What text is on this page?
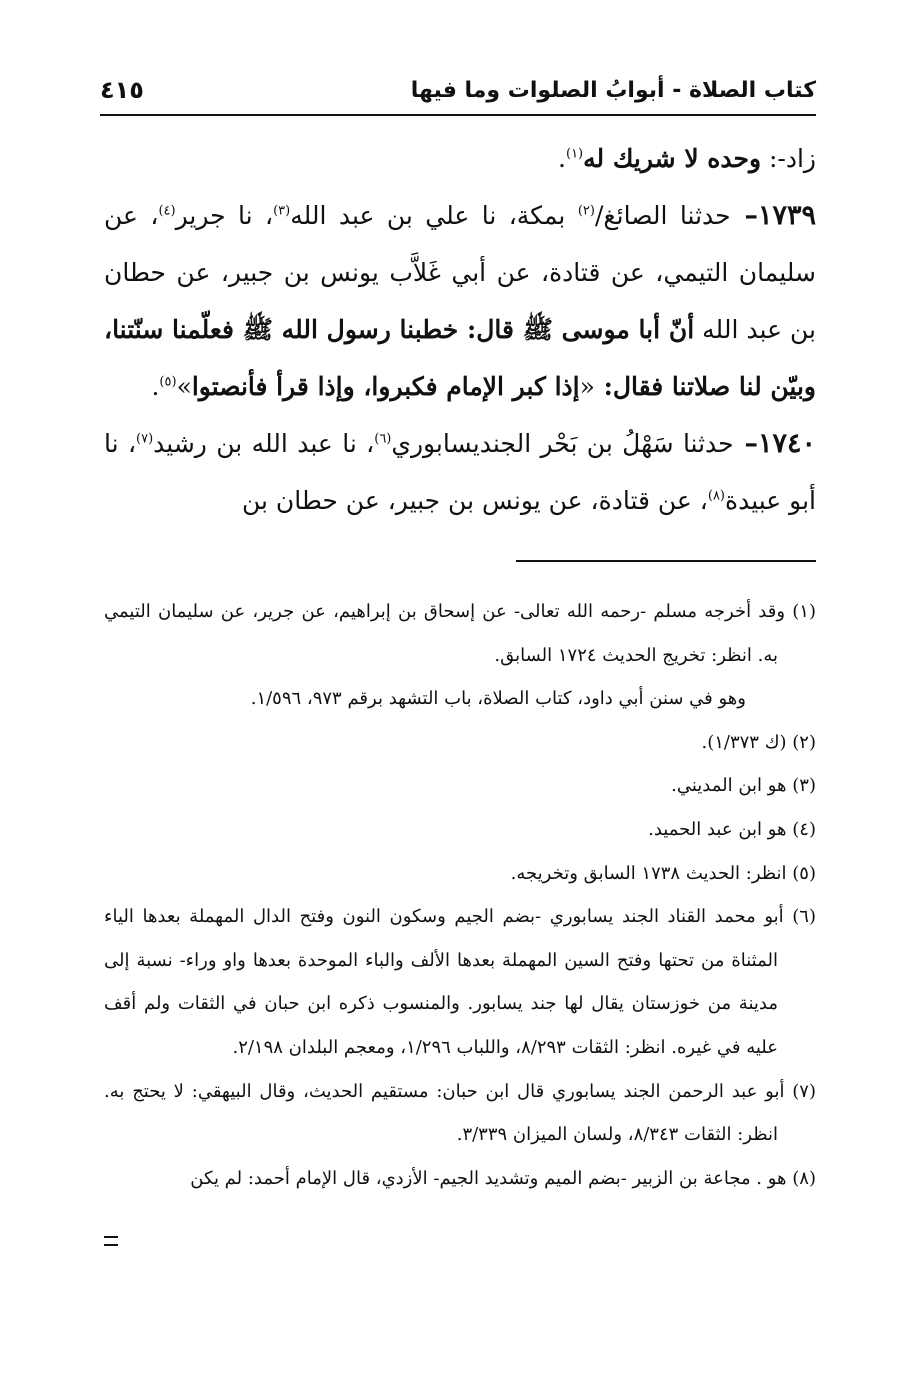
كتاب الصلاة - أبوابُ الصلوات وما فيها
٤١٥

زاد-: وحده لا شريك له$^{(١)}$.

١٧٣٩– حدثنا الصائغ/$^{(٢)}$ بمكة، نا علي بن عبد الله$^{(٣)}$، نا جرير$^{(٤)}$، عن سليمان التيمي، عن قتادة، عن أبي غَلاَّب يونس بن جبير، عن حطان بن عبد الله أنّ أبا موسى ﷺ قال: خطبنا رسول الله ﷺ فعلّمنا سنّتنا، وبيّن لنا صلاتنا فقال: «إذا كبر الإمام فكبروا، وإذا قرأ فأنصتوا»$^{(٥)}$.

١٧٤٠– حدثنا سَهْلُ بن بَحْر الجنديسابوري$^{(٦)}$، نا عبد الله بن رشيد$^{(٧)}$، نا أبو عبيدة$^{(٨)}$، عن قتادة، عن يونس بن جبير، عن حطان بن

(١) وقد أخرجه مسلم -رحمه الله تعالى- عن إسحاق بن إبراهيم، عن جرير، عن سليمان التيمي به. انظر: تخريج الحديث ١٧٢٤ السابق.

وهو في سنن أبي داود، كتاب الصلاة، باب التشهد برقم ٩٧٣، ١/٥٩٦.

(٢) (ك ١/٣٧٣).

(٣) هو ابن المديني.

(٤) هو ابن عبد الحميد.

(٥) انظر: الحديث ١٧٣٨ السابق وتخريجه.

(٦) أبو محمد القناد الجند يسابوري -بضم الجيم وسكون النون وفتح الدال المهملة بعدها الياء المثناة من تحتها وفتح السين المهملة بعدها الألف والباء الموحدة بعدها واو وراء- نسبة إلى مدينة من خوزستان يقال لها جند يسابور. والمنسوب ذكره ابن حبان في الثقات ولم أقف عليه في غيره. انظر: الثقات ٨/٢٩٣، واللباب ١/٢٩٦، ومعجم البلدان ٢/١٩٨.

(٧) أبو عبد الرحمن الجند يسابوري قال ابن حبان: مستقيم الحديث، وقال البيهقي: لا يحتج به. انظر: الثقات ٨/٣٤٣، ولسان الميزان ٣/٣٣٩.

(٨) هو . مجاعة بن الزبير -بضم الميم وتشديد الجيم- الأزدي، قال الإمام أحمد: لم يكن
